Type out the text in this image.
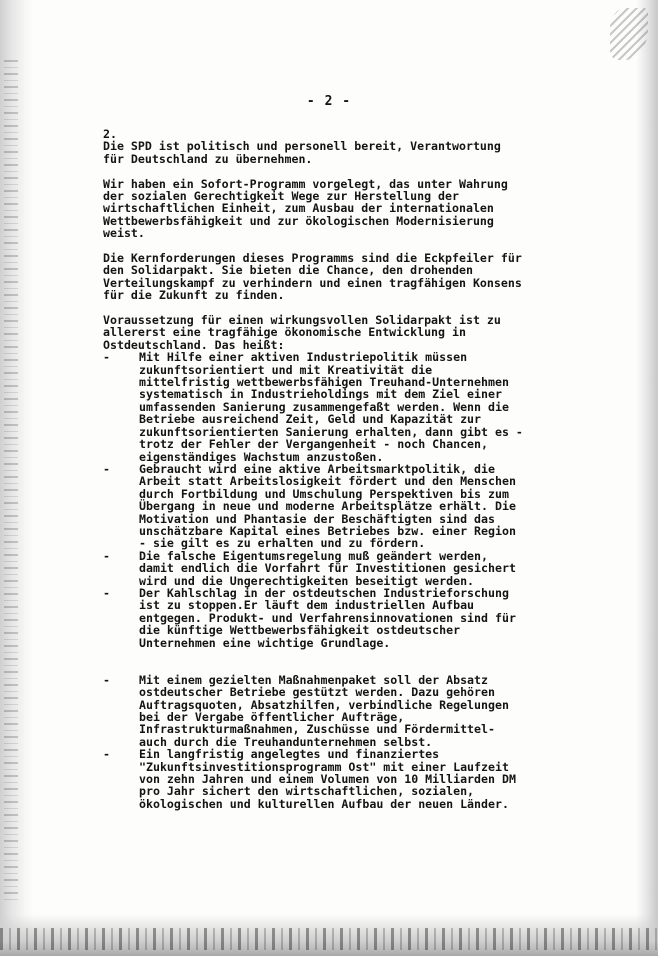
- 2 -

2.

Die SPD ist politisch und personell bereit, Verantwortung
für Deutschland zu übernehmen.

Wir haben ein Sofort-Programm vorgelegt, das unter Wahrung
der sozialen Gerechtigkeit Wege zur Herstellung der
wirtschaftlichen Einheit, zum Ausbau der internationalen
Wettbewerbsfähigkeit und zur ökologischen Modernisierung
weist.

Die Kernforderungen dieses Programms sind die Eckpfeiler für
den Solidarpakt. Sie bieten die Chance, den drohenden
Verteilungskampf zu verhindern und einen tragfähigen Konsens
für die Zukunft zu finden.

Voraussetzung für einen wirkungsvollen Solidarpakt ist zu
allererst eine tragfähige ökonomische Entwicklung in
Ostdeutschland. Das heißt:

-	Mit Hilfe einer aktiven Industriepolitik müssen
zukunftsorientiert und mit Kreativität die
mittelfristig wettbewerbsfähigen Treuhand-Unternehmen
systematisch in Industrieholdings mit dem Ziel einer
umfassenden Sanierung zusammengefaßt werden. Wenn die
Betriebe ausreichend Zeit, Geld und Kapazität zur
zukunftsorientierten Sanierung erhalten, dann gibt es -
trotz der Fehler der Vergangenheit - noch Chancen,
eigenständiges Wachstum anzustoßen.

-	Gebraucht wird eine aktive Arbeitsmarktpolitik, die
Arbeit statt Arbeitslosigkeit fördert und den Menschen
durch Fortbildung und Umschulung Perspektiven bis zum
Übergang in neue und moderne Arbeitsplätze erhält. Die
Motivation und Phantasie der Beschäftigten sind das
unschätzbare Kapital eines Betriebes bzw. einer Region
- sie gilt es zu erhalten und zu fördern.

-	Die falsche Eigentumsregelung muß geändert werden,
damit endlich die Vorfahrt für Investitionen gesichert
wird und die Ungerechtigkeiten beseitigt werden.

-	Der Kahlschlag in der ostdeutschen Industrieforschung
ist zu stoppen.Er läuft dem industriellen Aufbau
entgegen. Produkt- und Verfahrensinnovationen sind für
die künftige Wettbewerbsfähigkeit ostdeutscher
Unternehmen eine wichtige Grundlage.

-	Mit einem gezielten Maßnahmenpaket soll der Absatz
ostdeutscher Betriebe gestützt werden. Dazu gehören
Auftragsquoten, Absatzhilfen, verbindliche Regelungen
bei der Vergabe öffentlicher Aufträge,
Infrastrukturmaßnahmen, Zuschüsse und Fördermittel-
auch durch die Treuhandunternehmen selbst.

-	Ein langfristig angelegtes und finanziertes
"Zukunftsinvestitionsprogramm Ost" mit einer Laufzeit
von zehn Jahren und einem Volumen von 10 Milliarden DM
pro Jahr sichert den wirtschaftlichen, sozialen,
ökologischen und kulturellen Aufbau der neuen Länder.
